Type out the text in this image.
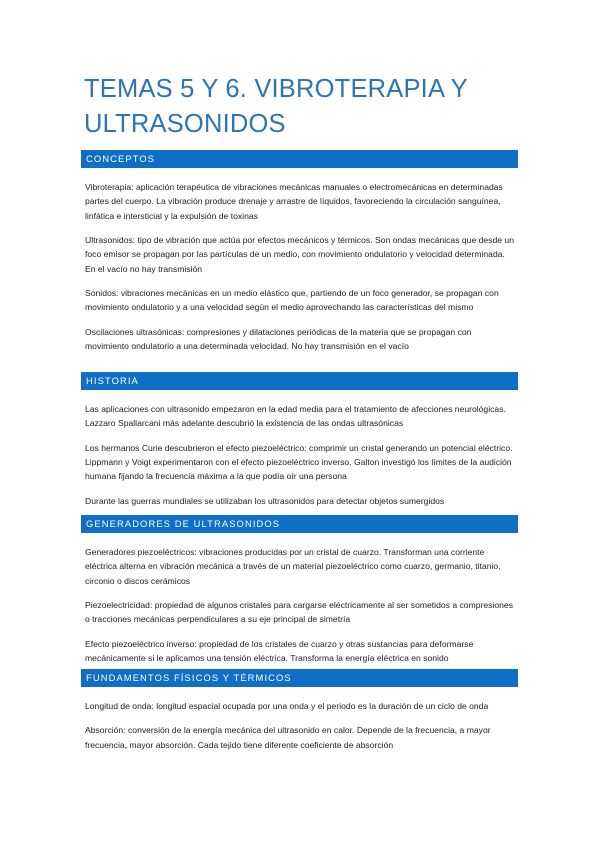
TEMAS 5 Y 6. VIBROTERAPIA Y ULTRASONIDOS
CONCEPTOS

Vibroterapia: aplicación terapéutica de vibraciones mecánicas manuales o electromecánicas en determinadas partes del cuerpo. La vibración produce drenaje y arrastre de líquidos, favoreciendo la circulación sanguínea, linfática e intersticial y la expulsión de toxinas

Ultrasonidos: tipo de vibración que actúa por efectos mecánicos y térmicos. Son ondas mecánicas que desde un foco emisor se propagan por las partículas de un medio, con movimiento ondulatorio y velocidad determinada. En el vacío no hay transmisión

Sonidos: vibraciones mecánicas en un medio elástico que, partiendo de un foco generador, se propagan con movimiento ondulatorio y a una velocidad según el medio aprovechando las características del mismo

Oscilaciones ultrasónicas: compresiones y dilataciones periódicas de la materia que se propagan con movimiento ondulatorio a una determinada velocidad. No hay transmisión en el vacío

HISTORIA

Las aplicaciones con ultrasonido empezaron en la edad media para el tratamiento de afecciones neurológicas. Lazzaro Spallarcani más adelante descubrió la existencia de las ondas ultrasónicas

Los hermanos Curie descubrieron el efecto piezoeléctrico: comprimir un cristal generando un potencial eléctrico. Lippmann y Voigt experimentaron con el efecto piezoeléctrico inverso. Galton investigó los límites de la audición humana fijando la frecuencia máxima a la que podía oír una persona

Durante las guerras mundiales se utilizaban los ultrasonidos para detectar objetos sumergidos

GENERADORES DE ULTRASONIDOS

Generadores piezoeléctricos: vibraciones producidas por un cristal de cuarzo. Transforman una corriente eléctrica alterna en vibración mecánica a través de un material piezoeléctrico como cuarzo, germanio, titanio, circonio o discos cerámicos

Piezoelectricidad: propiedad de algunos cristales para cargarse eléctricamente al ser sometidos a compresiones o tracciones mecánicas perpendiculares a su eje principal de simetría

Efecto piezoeléctrico inverso: propiedad de los cristales de cuarzo y otras sustancias para deformarse mecánicamente si le aplicamos una tensión eléctrica. Transforma la energía eléctrica en sonido

FUNDAMENTOS FÍSICOS Y TÉRMICOS

Longitud de onda: longitud espacial ocupada por una onda y el periodo es la duración de un ciclo de onda

Absorción: conversión de la energía mecánica del ultrasonido en calor. Depende de la frecuencia, a mayor frecuencia, mayor absorción. Cada tejido tiene diferente coeficiente de absorción
